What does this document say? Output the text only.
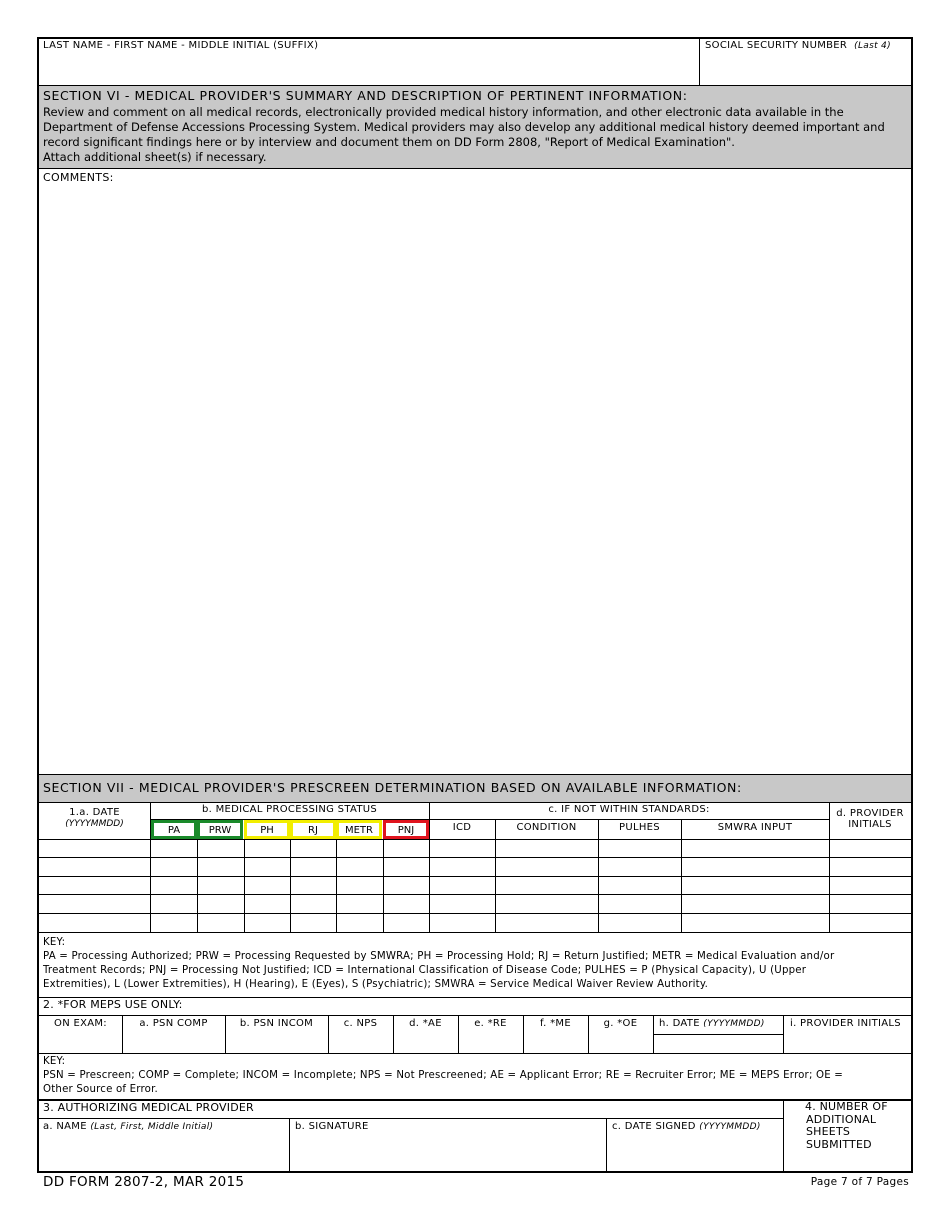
LAST NAME - FIRST NAME - MIDDLE INITIAL (SUFFIX)	SOCIAL SECURITY NUMBER (Last 4)
SECTION VI - MEDICAL PROVIDER'S SUMMARY AND DESCRIPTION OF PERTINENT INFORMATION:
Review and comment on all medical records, electronically provided medical history information, and other electronic data available in the
Department of Defense Accessions Processing System. Medical providers may also develop any additional medical history deemed important and
record significant findings here or by interview and document them on DD Form 2808, "Report of Medical Examination".
Attach additional sheet(s) if necessary.
COMMENTS:
SECTION VII - MEDICAL PROVIDER'S PRESCREEN DETERMINATION BASED ON AVAILABLE INFORMATION:
1.a. DATE
(YYYYMMDD)
b. MEDICAL PROCESSING STATUS	c. IF NOT WITHIN STANDARDS:	d. PROVIDER
INITIALS
PA	PRW	PH	RJ	METR	PNJ	ICD	CONDITION	PULHES	SMWRA INPUT
KEY:
PA = Processing Authorized; PRW = Processing Requested by SMWRA; PH = Processing Hold; RJ = Return Justified; METR = Medical Evaluation and/or
Treatment Records; PNJ = Processing Not Justified; ICD = International Classification of Disease Code; PULHES = P (Physical Capacity), U (Upper
Extremities), L (Lower Extremities), H (Hearing), E (Eyes), S (Psychiatric); SMWRA = Service Medical Waiver Review Authority.
2. *FOR MEPS USE ONLY:
ON EXAM:	a. PSN COMP	b. PSN INCOM	c. NPS	d. *AE	e. *RE	f. *ME	g. *OE	h. DATE (YYYYMMDD)	i. PROVIDER INITIALS
KEY:
PSN = Prescreen; COMP = Complete; INCOM = Incomplete; NPS = Not Prescreened; AE = Applicant Error; RE = Recruiter Error; ME = MEPS Error; OE =
Other Source of Error.
3. AUTHORIZING MEDICAL PROVIDER	4. NUMBER OF
ADDITIONAL
SHEETS
SUBMITTED
a. NAME (Last, First, Middle Initial)	b. SIGNATURE	c. DATE SIGNED (YYYYMMDD)
DD FORM 2807-2, MAR 2015	Page 7 of 7 Pages
